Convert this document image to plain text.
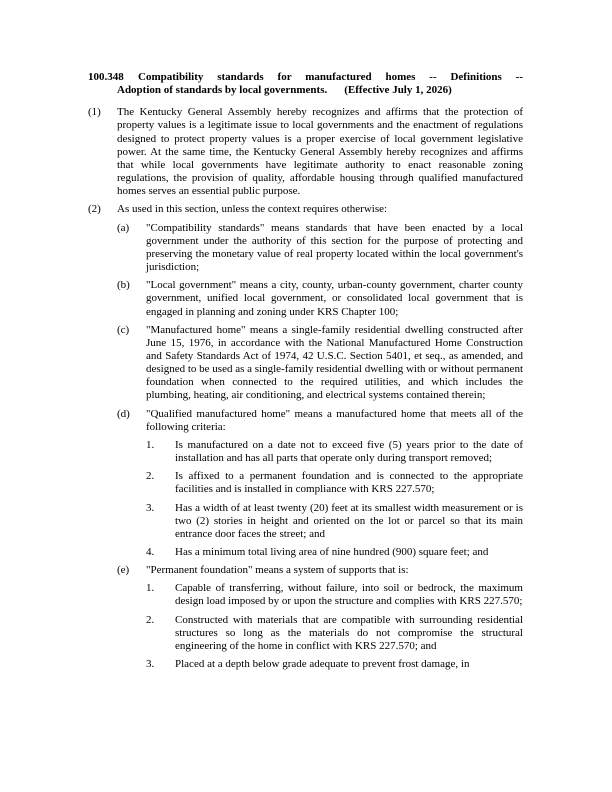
100.348	Compatibility standards for manufactured homes -- Definitions --
Adoption of standards by local governments. (Effective July 1, 2026)
(1)	The Kentucky General Assembly hereby recognizes and affirms that the protection of property values is a legitimate issue to local governments and the enactment of regulations designed to protect property values is a proper exercise of local government legislative power. At the same time, the Kentucky General Assembly hereby recognizes and affirms that while local governments have legitimate authority to enact reasonable zoning regulations, the provision of quality, affordable housing through qualified manufactured homes serves an essential public purpose.
(2)	As used in this section, unless the context requires otherwise:
(a)	"Compatibility standards" means standards that have been enacted by a local government under the authority of this section for the purpose of protecting and preserving the monetary value of real property located within the local government's jurisdiction;
(b)	"Local government" means a city, county, urban-county government, charter county government, unified local government, or consolidated local government that is engaged in planning and zoning under KRS Chapter 100;
(c)	"Manufactured home" means a single-family residential dwelling constructed after June 15, 1976, in accordance with the National Manufactured Home Construction and Safety Standards Act of 1974, 42 U.S.C. Section 5401, et seq., as amended, and designed to be used as a single-family residential dwelling with or without permanent foundation when connected to the required utilities, and which includes the plumbing, heating, air conditioning, and electrical systems contained therein;
(d)	"Qualified manufactured home" means a manufactured home that meets all of the following criteria:
1.	Is manufactured on a date not to exceed five (5) years prior to the date of installation and has all parts that operate only during transport removed;
2.	Is affixed to a permanent foundation and is connected to the appropriate facilities and is installed in compliance with KRS 227.570;
3.	Has a width of at least twenty (20) feet at its smallest width measurement or is two (2) stories in height and oriented on the lot or parcel so that its main entrance door faces the street; and
4.	Has a minimum total living area of nine hundred (900) square feet; and
(e)	"Permanent foundation" means a system of supports that is:
1.	Capable of transferring, without failure, into soil or bedrock, the maximum design load imposed by or upon the structure and complies with KRS 227.570;
2.	Constructed with materials that are compatible with surrounding residential structures so long as the materials do not compromise the structural engineering of the home in conflict with KRS 227.570; and
3.	Placed at a depth below grade adequate to prevent frost damage, in
